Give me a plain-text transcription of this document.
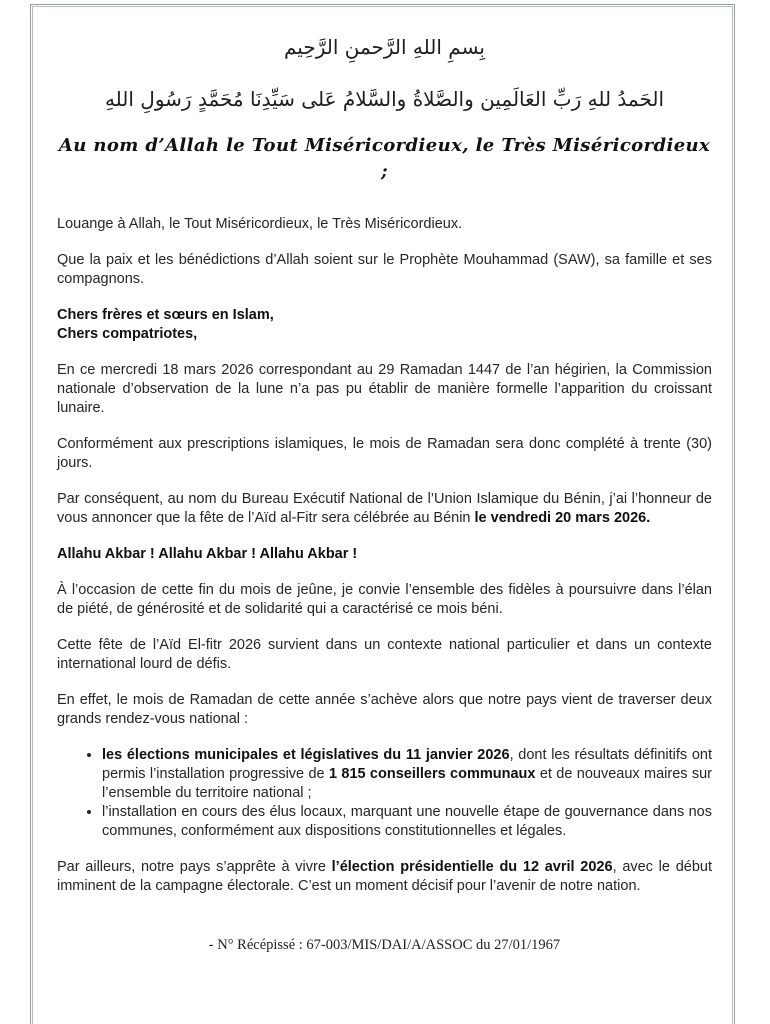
بِسمِ اللهِ الرَّحمنِ الرَّحِيم
الحَمدُ للهِ رَبِّ العَالَمِين والصَّلاةُ والسَّلامُ عَلى سَيِّدِنَا مُحَمَّدٍ رَسُولِ اللهِ
Au nom d’Allah le Tout Miséricordieux, le Très Miséricordieux ;

Louange à Allah, le Tout Miséricordieux, le Très Miséricordieux.

Que la paix et les bénédictions d’Allah soient sur le Prophète Mouhammad (SAW), sa famille et ses compagnons.

Chers frères et sœurs en Islam,
Chers compatriotes,

En ce mercredi 18 mars 2026 correspondant au 29 Ramadan 1447 de l’an hégirien, la Commission nationale d’observation de la lune n’a pas pu établir de manière formelle l’apparition du croissant lunaire.

Conformément aux prescriptions islamiques, le mois de Ramadan sera donc complété à trente (30) jours.

Par conséquent, au nom du Bureau Exécutif National de l’Union Islamique du Bénin, j’ai l’honneur de vous annoncer que la fête de l’Aïd al-Fitr sera célébrée au Bénin le vendredi 20 mars 2026.

Allahu Akbar ! Allahu Akbar ! Allahu Akbar !

À l’occasion de cette fin du mois de jeûne, je convie l’ensemble des fidèles à poursuivre dans l’élan de piété, de générosité et de solidarité qui a caractérisé ce mois béni.

Cette fête de l’Aïd El-fitr 2026 survient dans un contexte national particulier et dans un contexte international lourd de défis.

En effet, le mois de Ramadan de cette année s’achève alors que notre pays vient de traverser deux grands rendez-vous national :

• les élections municipales et législatives du 11 janvier 2026, dont les résultats définitifs ont permis l’installation progressive de 1 815 conseillers communaux et de nouveaux maires sur l’ensemble du territoire national ;
• l’installation en cours des élus locaux, marquant une nouvelle étape de gouvernance dans nos communes, conformément aux dispositions constitutionnelles et légales.

Par ailleurs, notre pays s’apprête à vivre l’élection présidentielle du 12 avril 2026, avec le début imminent de la campagne électorale. C’est un moment décisif pour l’avenir de notre nation.

- N° Récépissé : 67-003/MIS/DAI/A/ASSOC du 27/01/1967
